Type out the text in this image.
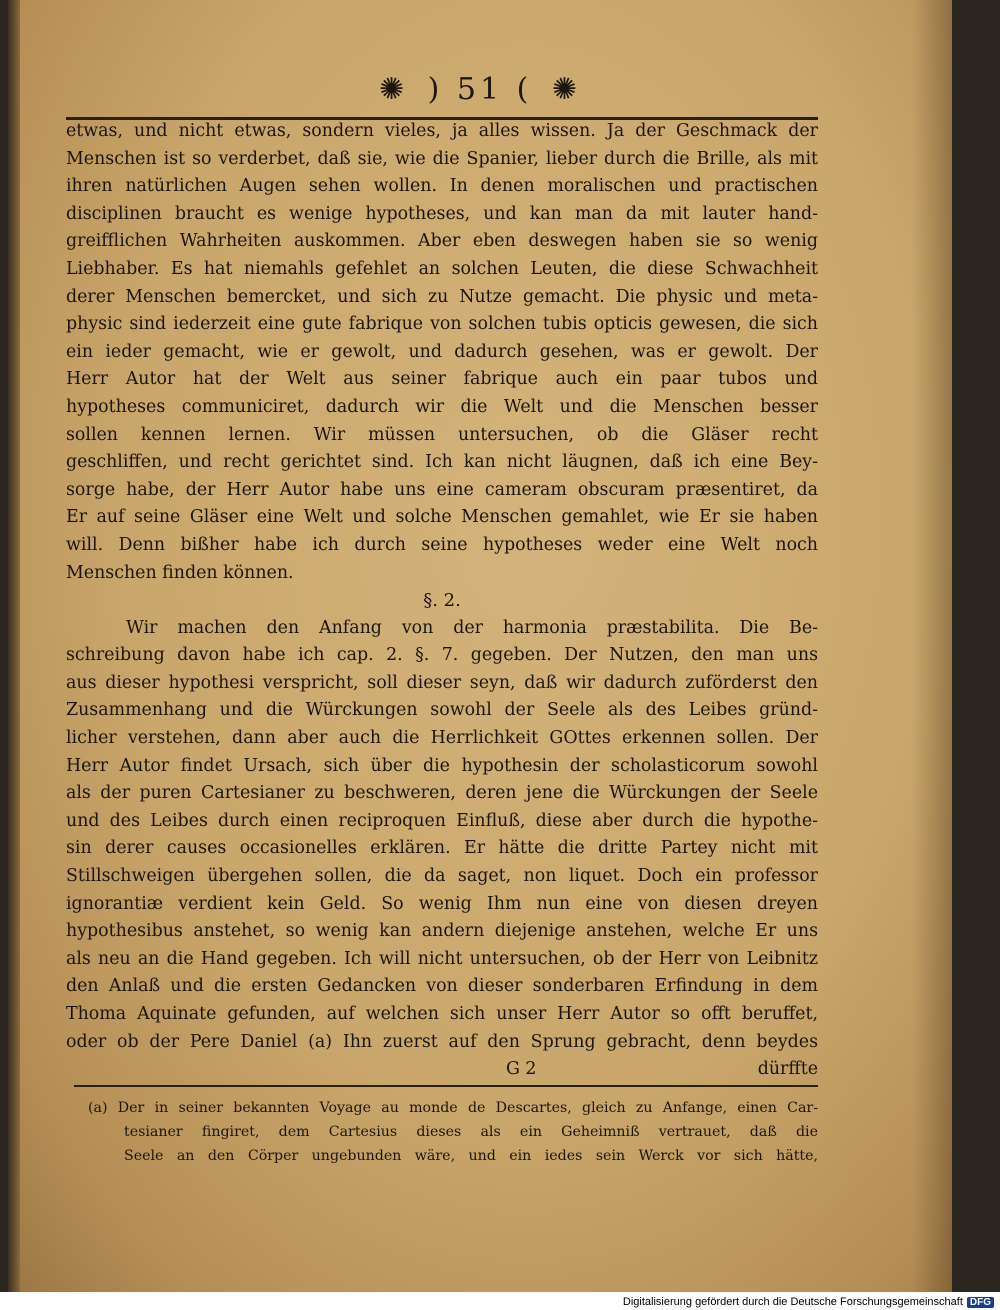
✺ ) 51 ( ✺
etwas, und nicht etwas, sondern vieles, ja alles wissen. Ja der Geschmack der
Menschen ist so verderbet, daß sie, wie die Spanier, lieber durch die Brille, als mit
ihren natürlichen Augen sehen wollen. In denen moralischen und practischen
disciplinen braucht es wenige hypotheses, und kan man da mit lauter hand-
greifflichen Wahrheiten auskommen. Aber eben deswegen haben sie so wenig
Liebhaber. Es hat niemahls gefehlet an solchen Leuten, die diese Schwachheit
derer Menschen bemercket, und sich zu Nutze gemacht. Die physic und meta-
physic sind iederzeit eine gute fabrique von solchen tubis opticis gewesen, die sich
ein ieder gemacht, wie er gewolt, und dadurch gesehen, was er gewolt. Der
Herr Autor hat der Welt aus seiner fabrique auch ein paar tubos und
hypotheses communiciret, dadurch wir die Welt und die Menschen besser
sollen kennen lernen. Wir müssen untersuchen, ob die Gläser recht
geschliffen, und recht gerichtet sind. Ich kan nicht läugnen, daß ich eine Bey-
sorge habe, der Herr Autor habe uns eine cameram obscuram præsentiret, da
Er auf seine Gläser eine Welt und solche Menschen gemahlet, wie Er sie haben
will. Denn bißher habe ich durch seine hypotheses weder eine Welt noch
Menschen finden können.
§. 2.
Wir machen den Anfang von der harmonia præstabilita. Die Be-
schreibung davon habe ich cap. 2. §. 7. gegeben. Der Nutzen, den man uns
aus dieser hypothesi verspricht, soll dieser seyn, daß wir dadurch zuförderst den
Zusammenhang und die Würckungen sowohl der Seele als des Leibes gründ-
licher verstehen, dann aber auch die Herrlichkeit GOttes erkennen sollen. Der
Herr Autor findet Ursach, sich über die hypothesin der scholasticorum sowohl
als der puren Cartesianer zu beschweren, deren jene die Würckungen der Seele
und des Leibes durch einen reciproquen Einfluß, diese aber durch die hypothe-
sin derer causes occasionelles erklären. Er hätte die dritte Partey nicht mit
Stillschweigen übergehen sollen, die da saget, non liquet. Doch ein professor
ignorantiæ verdient kein Geld. So wenig Ihm nun eine von diesen dreyen
hypothesibus anstehet, so wenig kan andern diejenige anstehen, welche Er uns
als neu an die Hand gegeben. Ich will nicht untersuchen, ob der Herr von Leibnitz
den Anlaß und die ersten Gedancken von dieser sonderbaren Erfindung in dem
Thoma Aquinate gefunden, auf welchen sich unser Herr Autor so offt beruffet,
oder ob der Pere Daniel (a) Ihn zuerst auf den Sprung gebracht, denn beydes
G 2	dürffte
(a) Der in seiner bekannten Voyage au monde de Descartes, gleich zu Anfange, einen Car-
tesianer fingiret, dem Cartesius dieses als ein Geheimniß vertrauet, daß die
Seele an den Cörper ungebunden wäre, und ein iedes sein Werck vor sich hätte,
Digitalisierung gefördert durch die Deutsche Forschungsgemeinschaft DFG
